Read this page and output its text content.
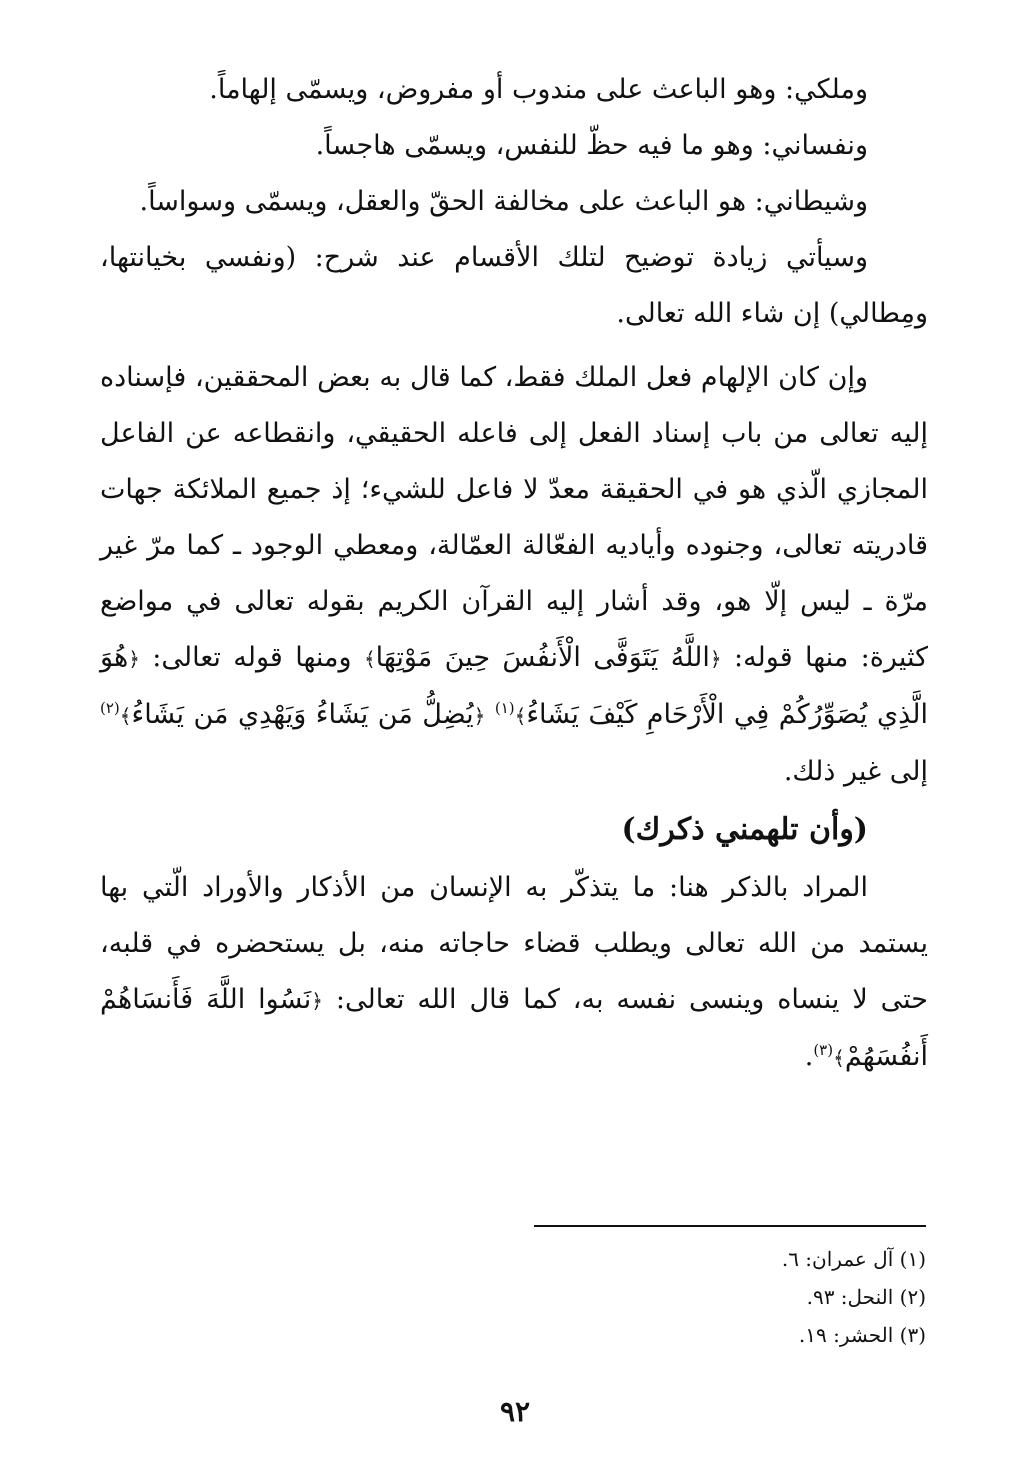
وملكي: وهو الباعث على مندوب أو مفروض، ويسمّى إلهاماً.

ونفساني: وهو ما فيه حظّ للنفس، ويسمّى هاجساً.

وشيطاني: هو الباعث على مخالفة الحقّ والعقل، ويسمّى وسواساً.

وسيأتي زيادة توضيح لتلك الأقسام عند شرح: (ونفسي بخيانتها، ومِطالي) إن شاء الله تعالى.

وإن كان الإلهام فعل الملك فقط، كما قال به بعض المحققين، فإسناده إليه تعالى من باب إسناد الفعل إلى فاعله الحقيقي، وانقطاعه عن الفاعل المجازي الّذي هو في الحقيقة معدّ لا فاعل للشيء؛ إذ جميع الملائكة جهات قادريته تعالى، وجنوده وأياديه الفعّالة العمّالة، ومعطي الوجود ـ كما مرّ غير مرّة ـ ليس إلّا هو، وقد أشار إليه القرآن الكريم بقوله تعالى في مواضع كثيرة: منها قوله: ﴿اللَّهُ يَتَوَفَّى الْأَنفُسَ حِينَ مَوْتِهَا﴾ ومنها قوله تعالى: ﴿هُوَ الَّذِي يُصَوِّرُكُمْ فِي الْأَرْحَامِ كَيْفَ يَشَاءُ﴾$^{(١)}$ ﴿يُضِلُّ مَن يَشَاءُ وَيَهْدِي مَن يَشَاءُ﴾$^{(٢)}$ إلى غير ذلك.

(وأن تلهمني ذكرك)

المراد بالذكر هنا: ما يتذكّر به الإنسان من الأذكار والأوراد الّتي بها يستمد من الله تعالى ويطلب قضاء حاجاته منه، بل يستحضره في قلبه، حتى لا ينساه وينسى نفسه به، كما قال الله تعالى: ﴿نَسُوا اللَّهَ فَأَنسَاهُمْ أَنفُسَهُمْ﴾$^{(٣)}$.

(١) آل عمران: ٦.
(٢) النحل: ٩٣.
(٣) الحشر: ١٩.
٩٢
